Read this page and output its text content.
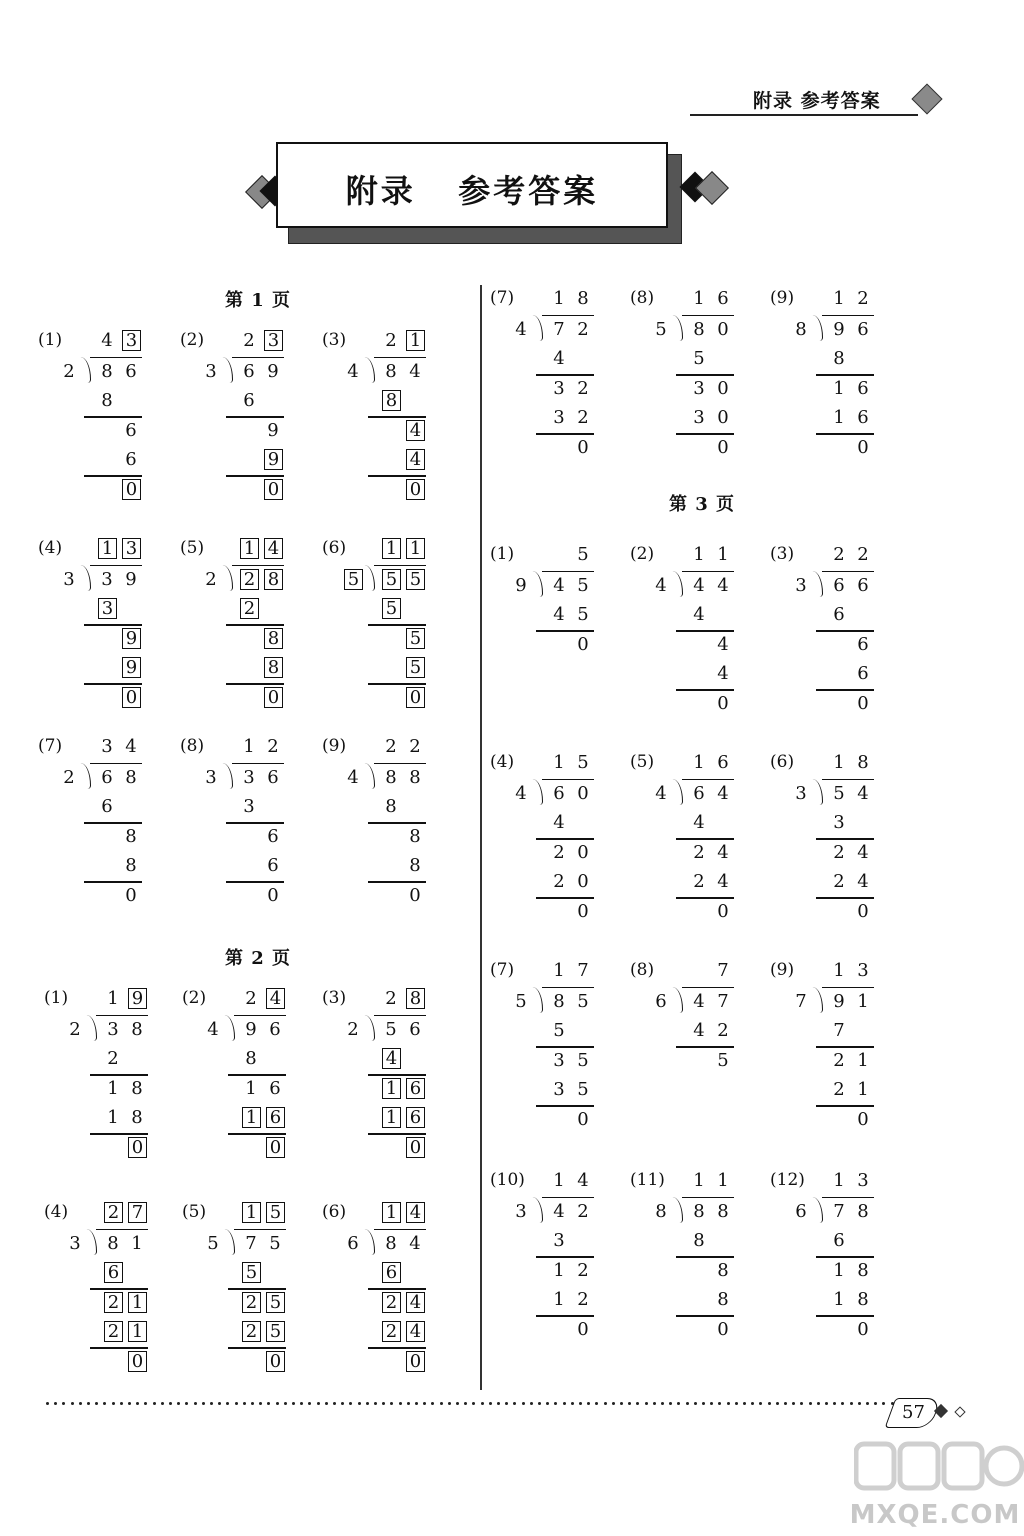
附录 参考答案
附录   参考答案
第 1 页
第 2 页
第 3 页
(1) 4 3
2 8 6
8
6
6
0
(2) 2 3
3 6 9
6
9
9
0
(3) 2 1
4 8 4
8
4
4
0
(4) 1 3
3 3 9
3
9
9
0
(5) 1 4
2 2 8
2
8
8
0
(6) 1 1
5 5 5
5
5
5
0
(7) 3 4
2 6 8
6
8
8
0
(8) 1 2
3 3 6
3
6
6
0
(9) 2 2
4 8 8
8
8
8
0
(1) 1 9
2 3 8
2
1 8
1 8
0
(2) 2 4
4 9 6
8
1 6
1 6
0
(3) 2 8
2 5 6
4
1 6
1 6
0
(4) 2 7
3 8 1
6
2 1
2 1
0
(5) 1 5
5 7 5
5
2 5
2 5
0
(6) 1 4
6 8 4
6
2 4
2 4
0
(7) 1 8
4 7 2
4
3 2
3 2
0
(8) 1 6
5 8 0
5
3 0
3 0
0
(9) 1 2
8 9 6
8
1 6
1 6
0
(1)	5
9 4 5
4 5
0
(2) 1 1
4 4 4
4
4
4
0
(3) 2 2
3 6 6
6
6
6
0
(4) 1 5
4 6 0
4
2 0
2 0
0
(5) 1 6
4 6 4
4
2 4
2 4
0
(6) 1 8
3 5 4
3
2 4
2 4
0
(7) 1 7
5 8 5
5
3 5
3 5
0
(8)	7
6 4 7
4 2
5
(9) 1 3
7 9 1
7
2 1
2 1
0
(10) 1 4
3 4 2
3
1 2
1 2
0
(11) 1 1
8 8 8
8
8
8
0
(12) 1 3
6 7 8
6
1 8
1 8
0
57
MXQE.COM
